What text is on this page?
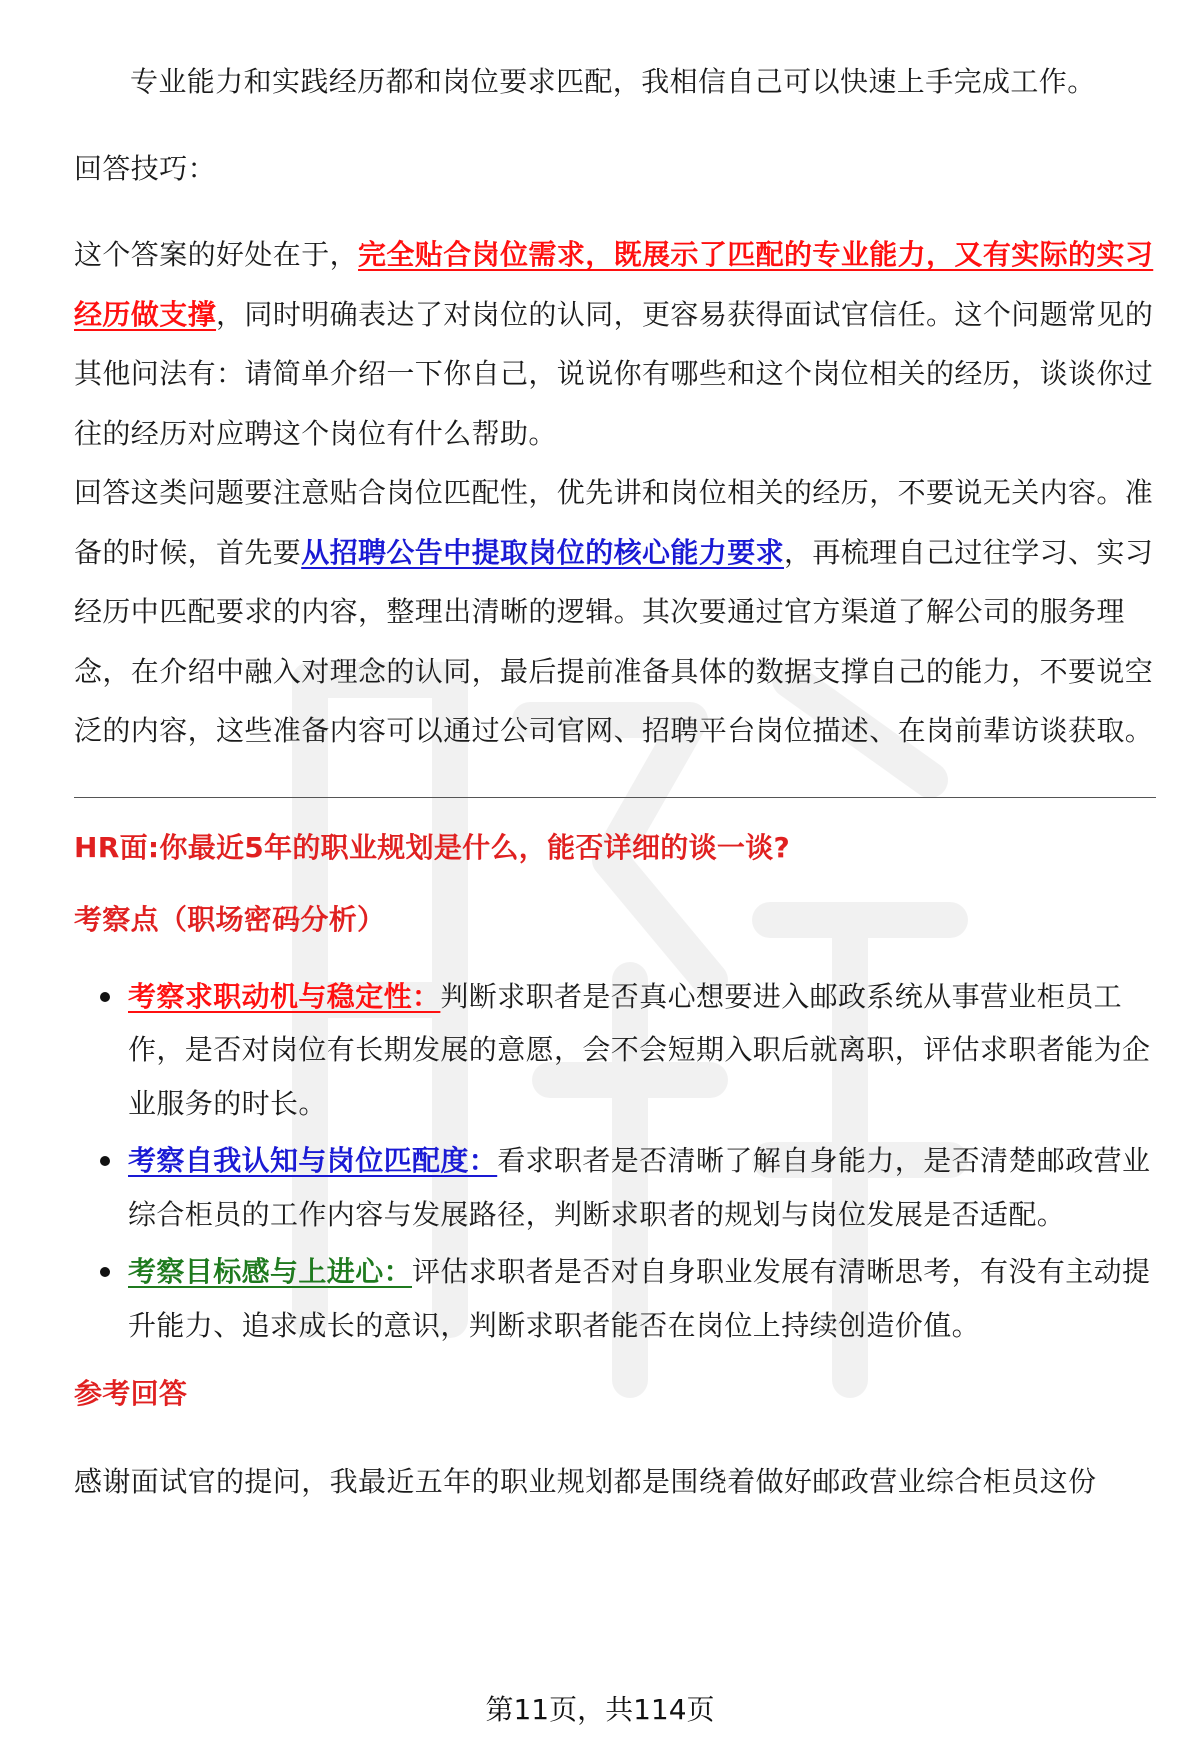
专业能力和实践经历都和岗位要求匹配，我相信自己可以快速上手完成工作。

回答技巧：

这个答案的好处在于，完全贴合岗位需求，既展示了匹配的专业能力，又有实际的实习经历做支撑，同时明确表达了对岗位的认同，更容易获得面试官信任。这个问题常见的其他问法有：请简单介绍一下你自己，说说你有哪些和这个岗位相关的经历，谈谈你过往的经历对应聘这个岗位有什么帮助。

回答这类问题要注意贴合岗位匹配性，优先讲和岗位相关的经历，不要说无关内容。准备的时候，首先要从招聘公告中提取岗位的核心能力要求，再梳理自己过往学习、实习经历中匹配要求的内容，整理出清晰的逻辑。其次要通过官方渠道了解公司的服务理念，在介绍中融入对理念的认同，最后提前准备具体的数据支撑自己的能力，不要说空泛的内容，这些准备内容可以通过公司官网、招聘平台岗位描述、在岗前辈访谈获取。

HR面:你最近5年的职业规划是什么，能否详细的谈一谈?
考察点（职场密码分析）
考察求职动机与稳定性：判断求职者是否真心想要进入邮政系统从事营业柜员工作，是否对岗位有长期发展的意愿，会不会短期入职后就离职，评估求职者能为企业服务的时长。
考察自我认知与岗位匹配度：看求职者是否清晰了解自身能力，是否清楚邮政营业综合柜员的工作内容与发展路径，判断求职者的规划与岗位发展是否适配。
考察目标感与上进心：评估求职者是否对自身职业发展有清晰思考，有没有主动提升能力、追求成长的意识，判断求职者能否在岗位上持续创造价值。
参考回答

感谢面试官的提问，我最近五年的职业规划都是围绕着做好邮政营业综合柜员这份

第11页，共114页
